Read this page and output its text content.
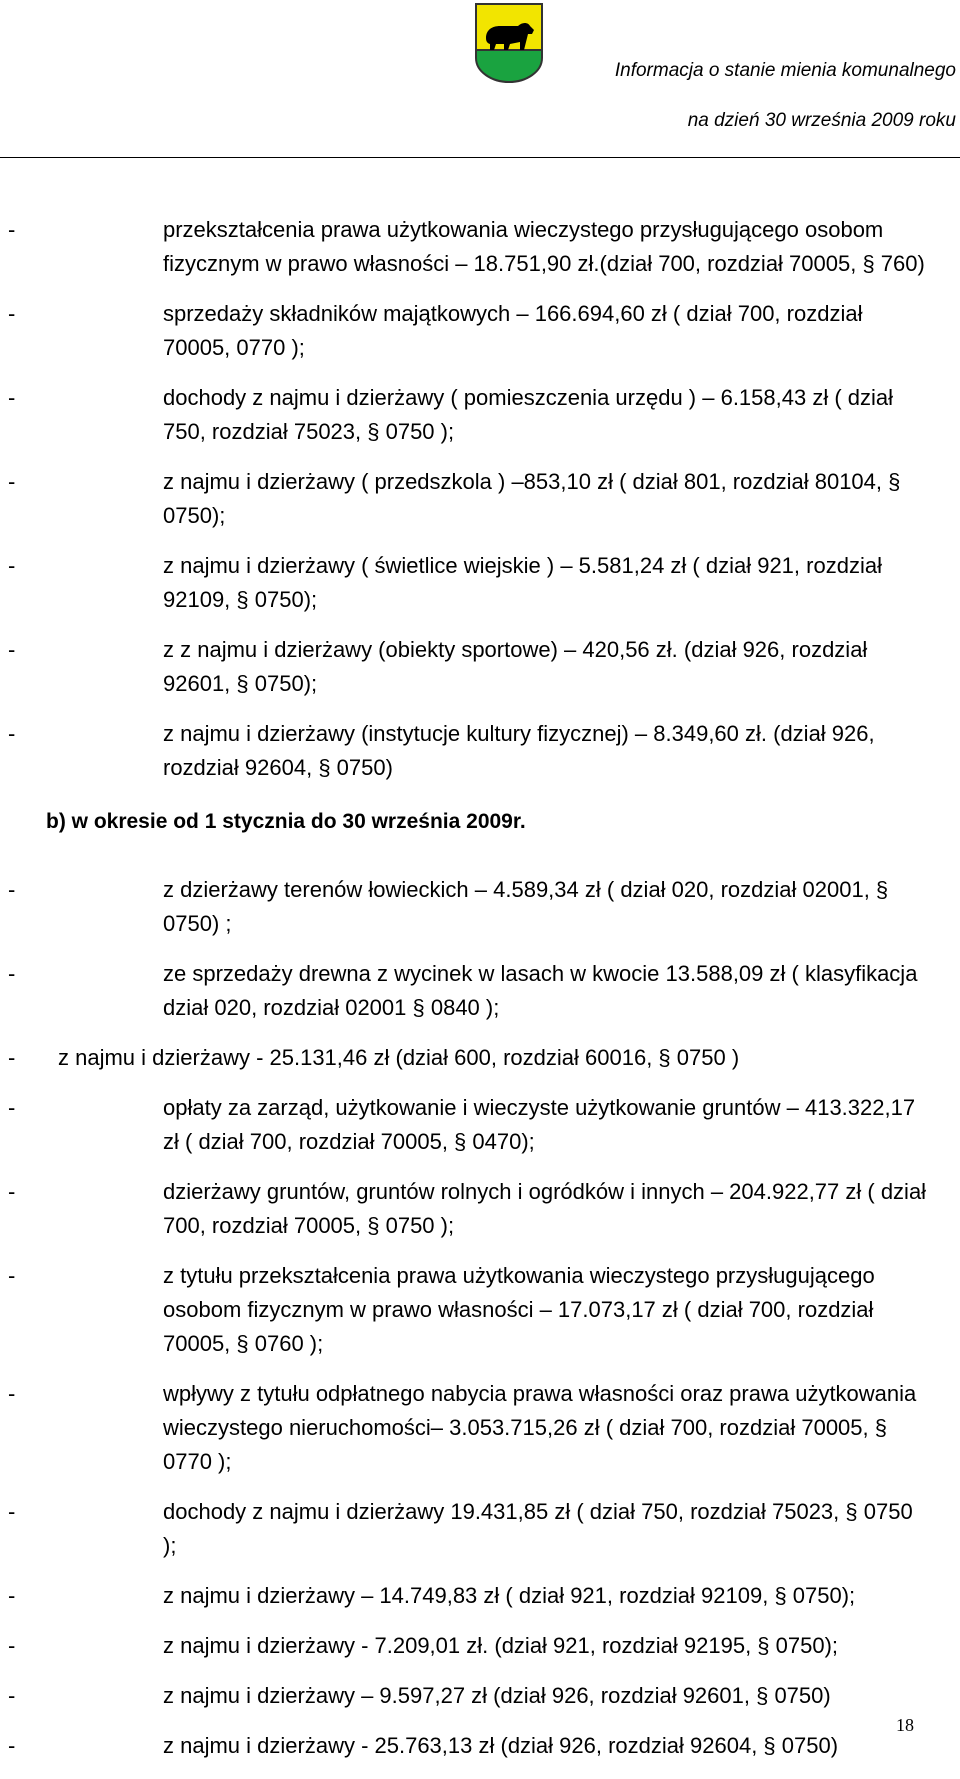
Informacja o stanie mienia komunalnego
na dzień 30 września 2009 roku
-	przekształcenia prawa użytkowania wieczystego przysługującego osobom fizycznym w prawo własności – 18.751,90 zł.(dział 700, rozdział 70005, § 760)
-	sprzedaży składników majątkowych – 166.694,60 zł ( dział 700, rozdział 70005, 0770 );
-	dochody z najmu i dzierżawy ( pomieszczenia urzędu ) – 6.158,43 zł ( dział 750, rozdział 75023, § 0750 );
-	z najmu i dzierżawy ( przedszkola ) –853,10 zł ( dział 801, rozdział 80104, § 0750);
-	z najmu i dzierżawy ( świetlice wiejskie ) – 5.581,24 zł ( dział 921, rozdział 92109, § 0750);
-	z z najmu i dzierżawy (obiekty sportowe) – 420,56 zł. (dział 926, rozdział 92601, § 0750);
-	z najmu i dzierżawy (instytucje kultury fizycznej) – 8.349,60 zł. (dział 926, rozdział 92604, § 0750)
b) w okresie od 1 stycznia do 30 września 2009r.
-	z dzierżawy terenów łowieckich – 4.589,34 zł ( dział 020, rozdział 02001, § 0750) ;
-	ze sprzedaży drewna z wycinek w lasach w kwocie 13.588,09 zł ( klasyfikacja dział 020, rozdział 02001 § 0840 );
- z najmu i dzierżawy - 25.131,46 zł (dział 600, rozdział 60016, § 0750 )
-	opłaty za zarząd, użytkowanie i wieczyste użytkowanie gruntów – 413.322,17 zł ( dział 700, rozdział 70005, § 0470);
-	dzierżawy gruntów, gruntów rolnych i ogródków i innych – 204.922,77 zł ( dział 700, rozdział 70005, § 0750 );
-	z tytułu przekształcenia prawa użytkowania wieczystego przysługującego osobom fizycznym w prawo własności – 17.073,17 zł ( dział 700, rozdział 70005, § 0760 );
-	wpływy z tytułu odpłatnego nabycia prawa własności oraz prawa użytkowania wieczystego nieruchomości– 3.053.715,26 zł ( dział 700, rozdział 70005, § 0770 );
-	dochody z najmu i dzierżawy 19.431,85 zł ( dział 750, rozdział 75023, § 0750 );
-	z najmu i dzierżawy – 14.749,83 zł ( dział 921, rozdział 92109, § 0750);
-	z najmu i dzierżawy - 7.209,01 zł. (dział 921, rozdział 92195, § 0750);
-	z najmu i dzierżawy – 9.597,27 zł (dział 926, rozdział 92601, § 0750)
-	z najmu i dzierżawy - 25.763,13 zł (dział 926, rozdział 92604, § 0750)
18
